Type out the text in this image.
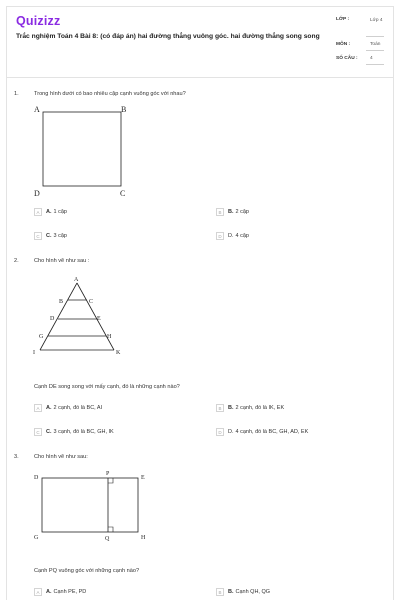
Quizizz
Trắc nghiệm Toán 4 Bài 8: (có đáp án) hai đường thẳng vuông góc. hai đường thẳng song song
LỚP :	Lớp 4
MÔN :	Toán
SỐ CÂU :	4
1.	Trong hình dưới có bao nhiêu cặp cạnh vuông góc với nhau?
A	B
C
D
A	A. 1 cặp	B	B. 2 cặp
C	C. 3 cặp	D	D. 4 cặp
2.	Cho hình vẽ như sau :
A
B	C
D	E
G	H
I	K
Cạnh DE song song với mấy cạnh, đó là những cạnh nào?
A	A. 2 cạnh, đó là BC, AI	B	B. 2 cạnh, đó là IK, EK
C	C. 3 cạnh, đó là BC, GH, IK	D	D. 4 cạnh, đó là BC, GH, AD, EK
3.	Cho hình vẽ như sau:
D
P
E
G	Q	H
Cạnh PQ vuông góc với những cạnh nào?
A	A. Cạnh PE, PD	B	B. Cạnh QH, QG
